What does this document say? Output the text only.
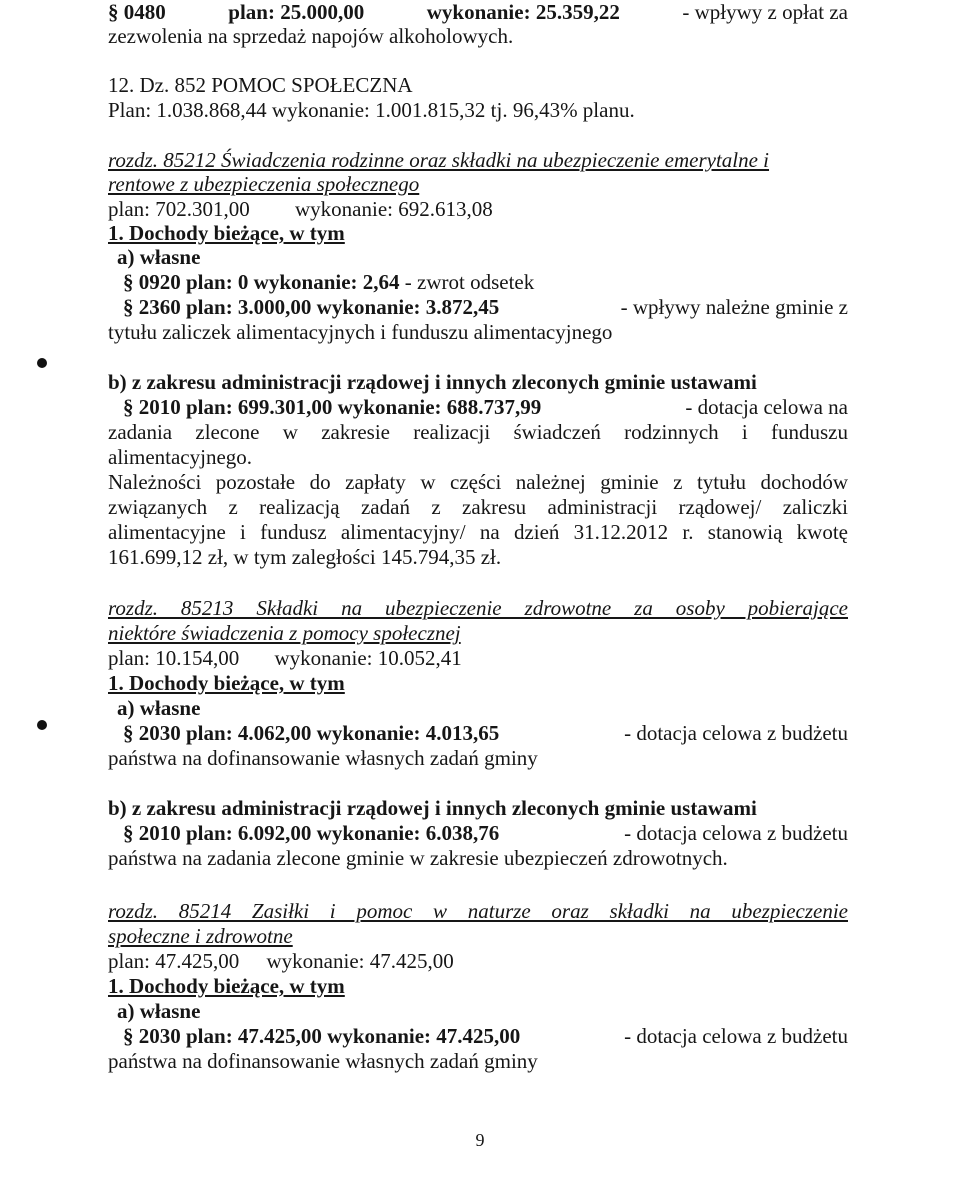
§ 0480	plan: 25.000,00	wykonanie: 25.359,22	- wpływy z opłat za
zezwolenia na sprzedaż napojów alkoholowych.
12. Dz. 852 POMOC SPOŁECZNA
Plan: 1.038.868,44 wykonanie: 1.001.815,32 tj. 96,43% planu.
rozdz. 85212 Świadczenia rodzinne oraz składki na ubezpieczenie emerytalne i
rentowe z ubezpieczenia społecznego
plan: 702.301,00 wykonanie: 692.613,08
1. Dochody bieżące, w tym
a) własne
§ 0920 plan: 0 wykonanie: 2,64 - zwrot odsetek
§ 2360 plan: 3.000,00 wykonanie: 3.872,45	- wpływy należne gminie z
tytułu zaliczek alimentacyjnych i funduszu alimentacyjnego
b) z zakresu administracji rządowej i innych zleconych gminie ustawami
§ 2010 plan: 699.301,00 wykonanie: 688.737,99	- dotacja celowa na
zadania zlecone w zakresie realizacji świadczeń rodzinnych i funduszu
alimentacyjnego.
Należności pozostałe do zapłaty w części należnej gminie z tytułu dochodów
związanych z realizacją zadań z zakresu administracji rządowej/ zaliczki
alimentacyjne i fundusz alimentacyjny/ na dzień 31.12.2012 r. stanowią kwotę
161.699,12 zł, w tym zaległości 145.794,35 zł.
rozdz. 85213 Składki na ubezpieczenie zdrowotne za osoby pobierające
niektóre świadczenia z pomocy społecznej
plan: 10.154,00 wykonanie: 10.052,41
1. Dochody bieżące, w tym
a) własne
§ 2030 plan: 4.062,00 wykonanie: 4.013,65	- dotacja celowa z budżetu
państwa na dofinansowanie własnych zadań gminy
b) z zakresu administracji rządowej i innych zleconych gminie ustawami
§ 2010 plan: 6.092,00 wykonanie: 6.038,76	- dotacja celowa z budżetu
państwa na zadania zlecone gminie w zakresie ubezpieczeń zdrowotnych.
rozdz. 85214 Zasiłki i pomoc w naturze oraz składki na ubezpieczenie
społeczne i zdrowotne
plan: 47.425,00 wykonanie: 47.425,00
1. Dochody bieżące, w tym
a) własne
§ 2030 plan: 47.425,00 wykonanie: 47.425,00	- dotacja celowa z budżetu
państwa na dofinansowanie własnych zadań gminy
9
